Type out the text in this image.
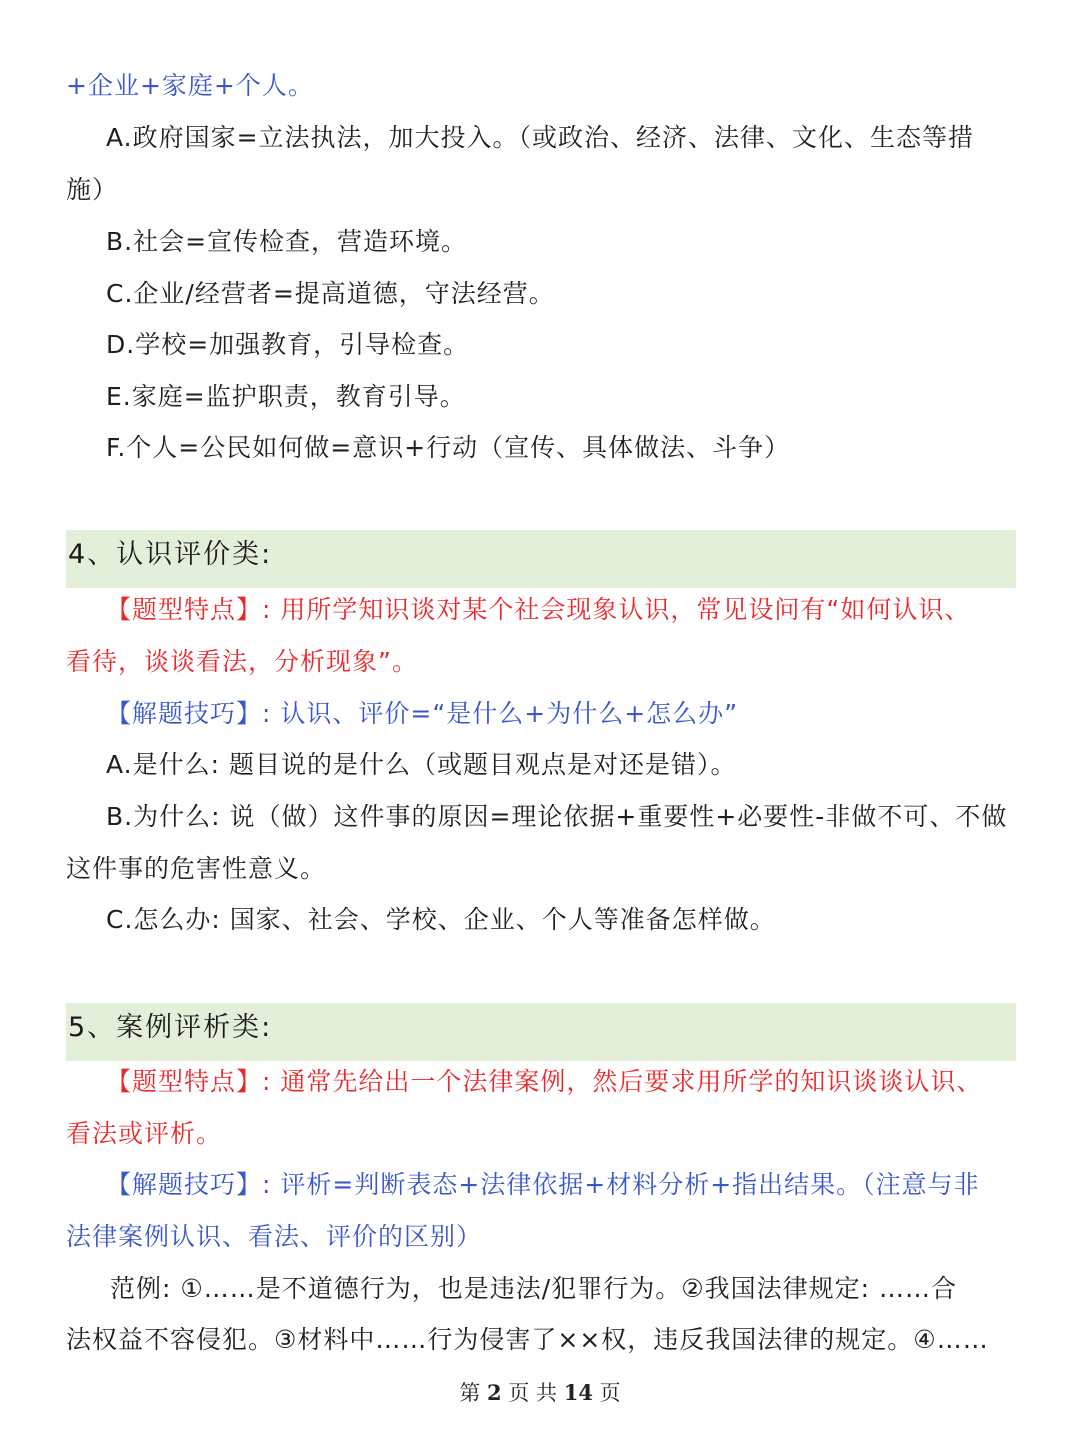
+企业+家庭+个人。
A.政府国家=立法执法，加大投入。（或政治、经济、法律、文化、生态等措
施）
B.社会=宣传检查，营造环境。
C.企业/经营者=提高道德，守法经营。
D.学校=加强教育，引导检查。
E.家庭=监护职责，教育引导。
F.个人=公民如何做=意识+行动（宣传、具体做法、斗争）
4、认识评价类:
【题型特点】: 用所学知识谈对某个社会现象认识，常见设问有“如何认识、
看待，谈谈看法，分析现象”。
【解题技巧】: 认识、评价=“是什么+为什么+怎么办”
A.是什么: 题目说的是什么（或题目观点是对还是错）。
B.为什么: 说（做）这件事的原因=理论依据+重要性+必要性-非做不可、不做
这件事的危害性意义。
C.怎么办: 国家、社会、学校、企业、个人等准备怎样做。
5、案例评析类:
【题型特点】: 通常先给出一个法律案例，然后要求用所学的知识谈谈认识、
看法或评析。
【解题技巧】: 评析=判断表态+法律依据+材料分析+指出结果。（注意与非
法律案例认识、看法、评价的区别）
范例: ①……是不道德行为，也是违法/犯罪行为。②我国法律规定: ……合
法权益不容侵犯。③材料中……行为侵害了××权，违反我国法律的规定。④……
第 2 页 共 14 页
